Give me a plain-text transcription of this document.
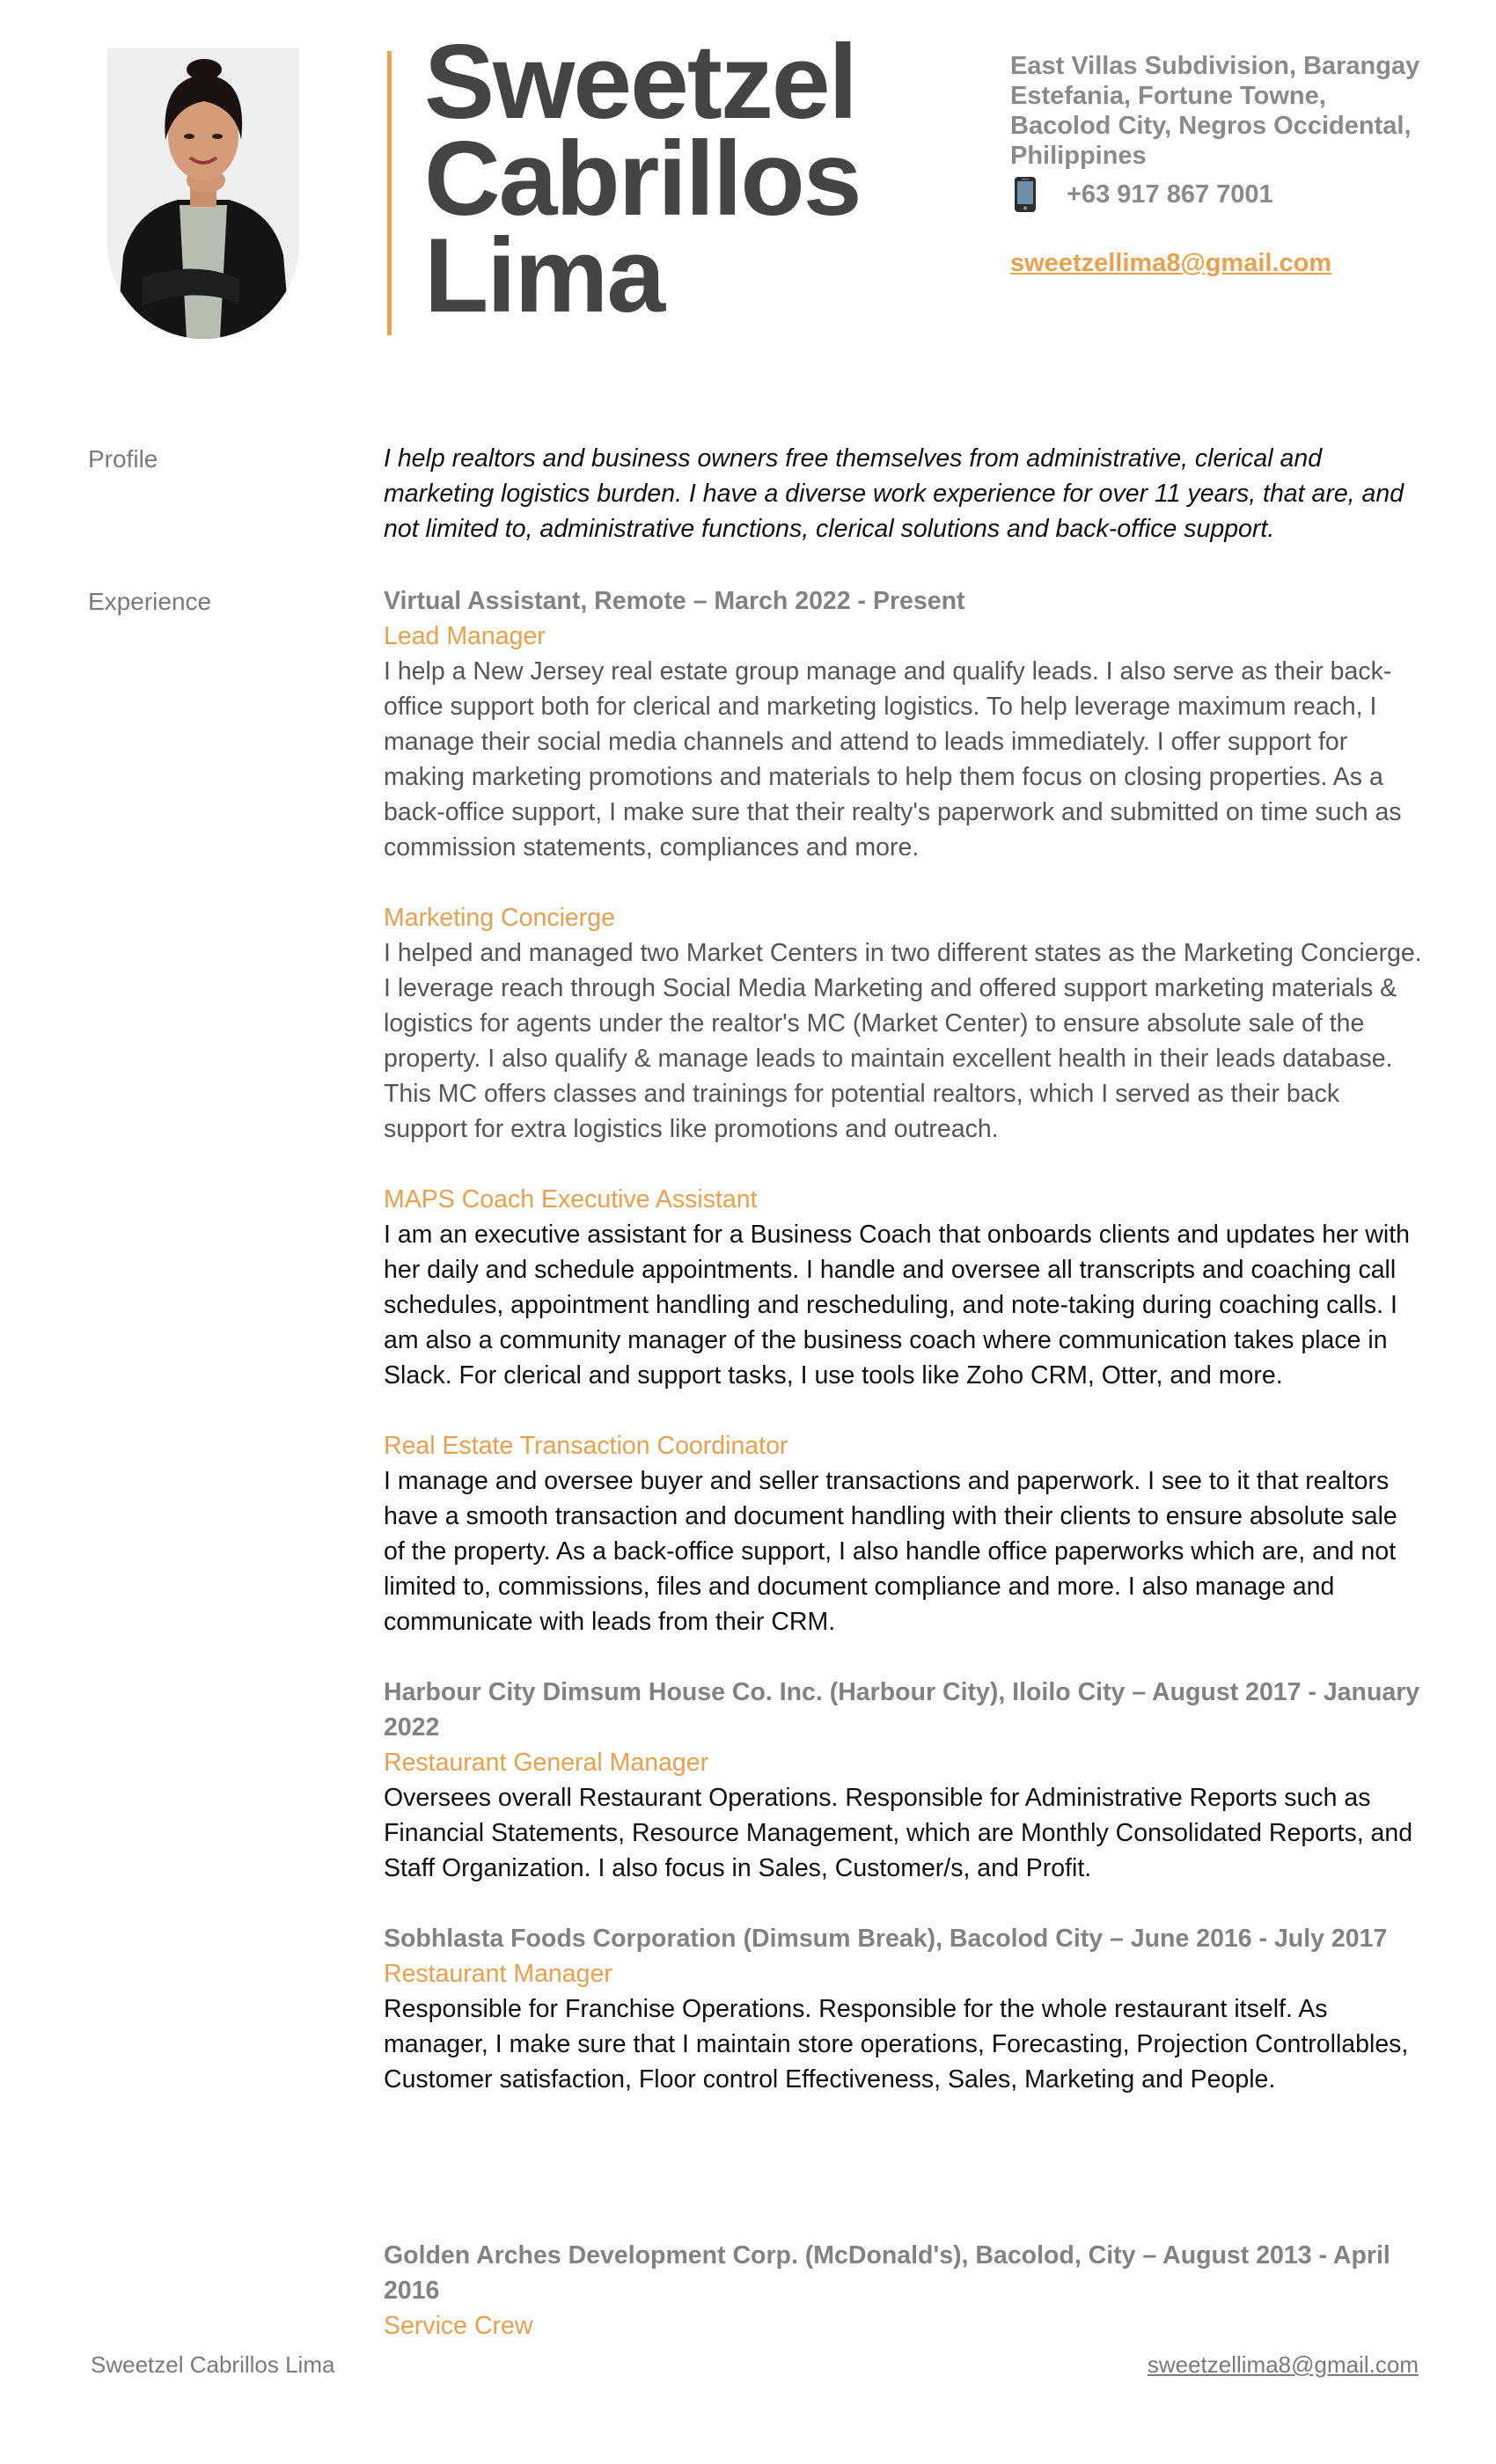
Sweetzel
Cabrillos
Lima
East Villas Subdivision, Barangay Estefania, Fortune Towne, Bacolod City, Negros Occidental, Philippines
+63 917 867 7001
sweetzellima8@gmail.com
Profile	I help realtors and business owners free themselves from administrative, clerical and marketing logistics burden. I have a diverse work experience for over 11 years, that are, and not limited to, administrative functions, clerical solutions and back-office support.
Experience	Virtual Assistant, Remote – March 2022 - Present
Lead Manager
I help a New Jersey real estate group manage and qualify leads. I also serve as their back-office support both for clerical and marketing logistics. To help leverage maximum reach, I manage their social media channels and attend to leads immediately. I offer support for making marketing promotions and materials to help them focus on closing properties. As a back-office support, I make sure that their realty's paperwork and submitted on time such as commission statements, compliances and more.
Marketing Concierge
I helped and managed two Market Centers in two different states as the Marketing Concierge. I leverage reach through Social Media Marketing and offered support marketing materials & logistics for agents under the realtor's MC (Market Center) to ensure absolute sale of the property. I also qualify & manage leads to maintain excellent health in their leads database. This MC offers classes and trainings for potential realtors, which I served as their back support for extra logistics like promotions and outreach.
MAPS Coach Executive Assistant
I am an executive assistant for a Business Coach that onboards clients and updates her with her daily and schedule appointments. I handle and oversee all transcripts and coaching call schedules, appointment handling and rescheduling, and note-taking during coaching calls. I am also a community manager of the business coach where communication takes place in Slack. For clerical and support tasks, I use tools like Zoho CRM, Otter, and more.
Real Estate Transaction Coordinator
I manage and oversee buyer and seller transactions and paperwork. I see to it that realtors have a smooth transaction and document handling with their clients to ensure absolute sale of the property. As a back-office support, I also handle office paperworks which are, and not limited to, commissions, files and document compliance and more. I also manage and communicate with leads from their CRM.
Harbour City Dimsum House Co. Inc. (Harbour City), Iloilo City – August 2017 - January 2022
Restaurant General Manager
Oversees overall Restaurant Operations. Responsible for Administrative Reports such as Financial Statements, Resource Management, which are Monthly Consolidated Reports, and Staff Organization. I also focus in Sales, Customer/s, and Profit.
Sobhlasta Foods Corporation (Dimsum Break), Bacolod City – June 2016 - July 2017
Restaurant Manager
Responsible for Franchise Operations. Responsible for the whole restaurant itself. As manager, I make sure that I maintain store operations, Forecasting, Projection Controllables, Customer satisfaction, Floor control Effectiveness, Sales, Marketing and People.
Golden Arches Development Corp. (McDonald's), Bacolod, City – August 2013 - April 2016
Service Crew
Sweetzel Cabrillos Lima	sweetzellima8@gmail.com
